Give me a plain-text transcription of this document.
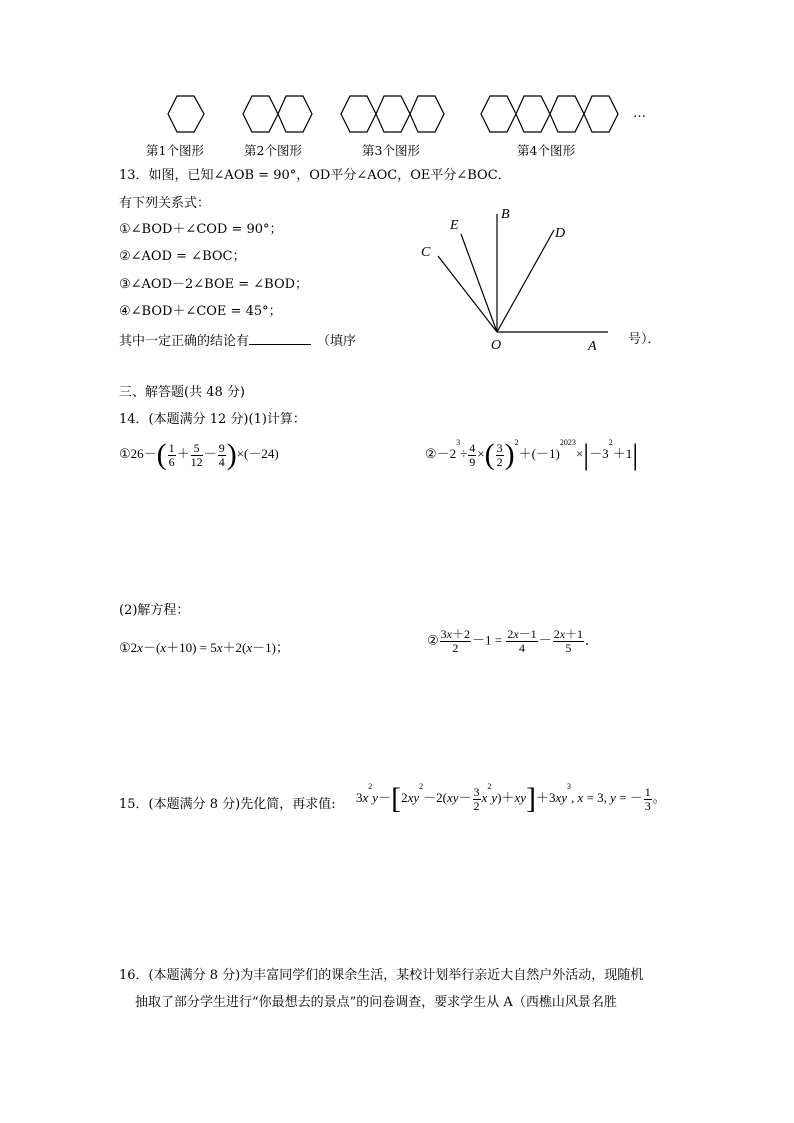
…
第1个图形	第2个图形	第3个图形	第4个图形
13．如图，已知∠AOB = 90°，OD平分∠AOC，OE平分∠BOC．
有下列关系式：
①∠BOD＋∠COD = 90°；
②∠AOD = ∠BOC；
③∠AOD－2∠BOE = ∠BOD；
④∠BOD＋∠COE = 45°；
其中一定正确的结论有	（填序	号）．
E
B
D
C
O	A
三、解答题(共 48 分)
14．(本题满分 12 分)(1)计算：
①26－( $\frac{1}{6} + \frac{5}{12} - \frac{9}{4} )\times(-24)$	$②-2^3\div \frac{4}{9}$ ×( $\frac{3}{2} )^2+(-1)^{2023}\times|-3^2+1|$
(2)解方程：
①2x－(x＋10) = 5x＋2(x－1)；
② $\frac{3x+2}{2} -1 = \frac{2x-1}{4} - \frac{2x+1}{5}$ ．
15．(本题满分 8 分)先化简，再求值: $3x^2y-[2xy^2-2(xy- \frac{3}{2} x^2y)+xy]+3xy^3$, x = 3, y = － $\frac{1}{3}$ 。
16．(本题满分 8 分)为丰富同学们的课余生活，某校计划举行亲近大自然户外活动，现随机
抽取了部分学生进行“你最想去的景点”的问卷调查，要求学生从 A（西樵山风景名胜
